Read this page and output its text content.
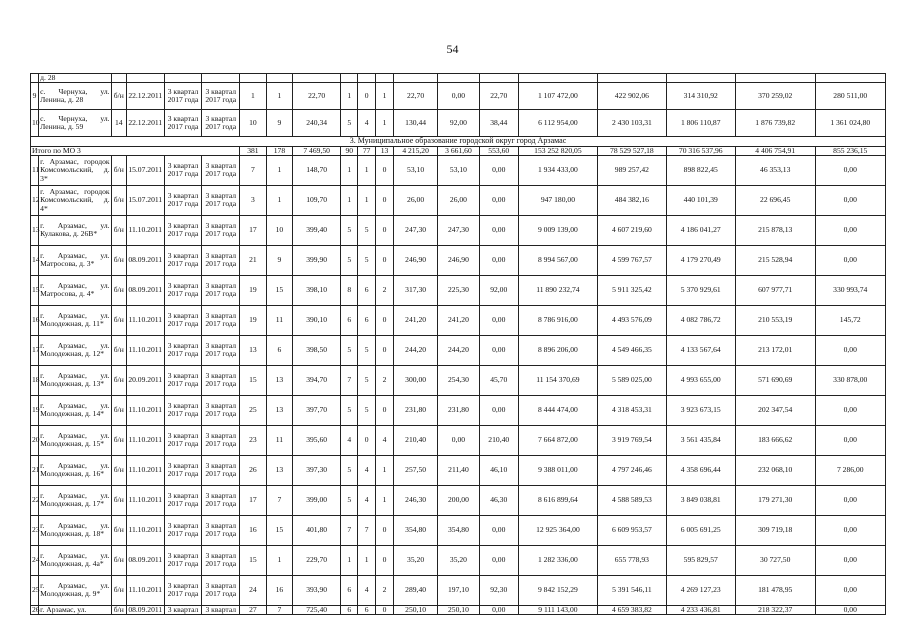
54
	д. 28																		
9	с. Чернуха, ул. Ленина, д. 28	б/н	22.12.2011	3 квартал 2017 года	3 квартал 2017 года	1	1	22,70	1	0	1	22,70	0,00	22,70	1 107 472,00	422 902,06	314 310,92	370 259,02	280 511,00
10	с. Чернуха, ул. Ленина, д. 59	14	22.12.2011	3 квартал 2017 года	3 квартал 2017 года	10	9	240,34	5	4	1	130,44	92,00	38,44	6 112 954,00	2 430 103,31	1 806 110,87	1 876 739,82	1 361 024,80
3. Муниципальное образование городской округ город Арзамас																			
Итого по МО 3						381	178	7 469,50	90	77	13	4 215,20	3 661,60	553,60	153 252 820,05	78 529 527,18	70 316 537,96	4 406 754,91	855 236,15
11	г. Арзамас, городок Комсомольский, д. 3*	б/н	15.07.2011	3 квартал 2017 года	3 квартал 2017 года	7	1	148,70	1	1	0	53,10	53,10	0,00	1 934 433,00	989 257,42	898 822,45	46 353,13	0,00
12	г. Арзамас, городок Комсомольский, д. 4*	б/н	15.07.2011	3 квартал 2017 года	3 квартал 2017 года	3	1	109,70	1	1	0	26,00	26,00	0,00	947 180,00	484 382,16	440 101,39	22 696,45	0,00
13	г. Арзамас, ул. Кулакова, д. 26В*	б/н	11.10.2011	3 квартал 2017 года	3 квартал 2017 года	17	10	399,40	5	5	0	247,30	247,30	0,00	9 009 139,00	4 607 219,60	4 186 041,27	215 878,13	0,00
14	г. Арзамас, ул. Матросова, д. 3*	б/н	08.09.2011	3 квартал 2017 года	3 квартал 2017 года	21	9	399,90	5	5	0	246,90	246,90	0,00	8 994 567,00	4 599 767,57	4 179 270,49	215 528,94	0,00
15	г. Арзамас, ул. Матросова, д. 4*	б/н	08.09.2011	3 квартал 2017 года	3 квартал 2017 года	19	15	398,10	8	6	2	317,30	225,30	92,00	11 890 232,74	5 911 325,42	5 370 929,61	607 977,71	330 993,74
16	г. Арзамас, ул. Молодежная, д. 11*	б/н	11.10.2011	3 квартал 2017 года	3 квартал 2017 года	19	11	390,10	6	6	0	241,20	241,20	0,00	8 786 916,00	4 493 576,09	4 082 786,72	210 553,19	145,72
17	г. Арзамас, ул. Молодежная, д. 12*	б/н	11.10.2011	3 квартал 2017 года	3 квартал 2017 года	13	6	398,50	5	5	0	244,20	244,20	0,00	8 896 206,00	4 549 466,35	4 133 567,64	213 172,01	0,00
18	г. Арзамас, ул. Молодежная, д. 13*	б/н	20.09.2011	3 квартал 2017 года	3 квартал 2017 года	15	13	394,70	7	5	2	300,00	254,30	45,70	11 154 370,69	5 589 025,00	4 993 655,00	571 690,69	330 878,00
19	г. Арзамас, ул. Молодежная, д. 14*	б/н	11.10.2011	3 квартал 2017 года	3 квартал 2017 года	25	13	397,70	5	5	0	231,80	231,80	0,00	8 444 474,00	4 318 453,31	3 923 673,15	202 347,54	0,00
20	г. Арзамас, ул. Молодежная, д. 15*	б/н	11.10.2011	3 квартал 2017 года	3 квартал 2017 года	23	11	395,60	4	0	4	210,40	0,00	210,40	7 664 872,00	3 919 769,54	3 561 435,84	183 666,62	0,00
21	г. Арзамас, ул. Молодежная, д. 16*	б/н	11.10.2011	3 квартал 2017 года	3 квартал 2017 года	26	13	397,30	5	4	1	257,50	211,40	46,10	9 388 011,00	4 797 246,46	4 358 696,44	232 068,10	7 286,00
22	г. Арзамас, ул. Молодежная, д. 17*	б/н	11.10.2011	3 квартал 2017 года	3 квартал 2017 года	17	7	399,00	5	4	1	246,30	200,00	46,30	8 616 899,64	4 588 589,53	3 849 038,81	179 271,30	0,00
23	г. Арзамас, ул. Молодежная, д. 18*	б/н	11.10.2011	3 квартал 2017 года	3 квартал 2017 года	16	15	401,80	7	7	0	354,80	354,80	0,00	12 925 364,00	6 609 953,57	6 005 691,25	309 719,18	0,00
24	г. Арзамас, ул. Молодежная, д. 4а*	б/н	08.09.2011	3 квартал 2017 года	3 квартал 2017 года	15	1	229,70	1	1	0	35,20	35,20	0,00	1 282 336,00	655 778,93	595 829,57	30 727,50	0,00
25	г. Арзамас, ул. Молодежная, д. 9*	б/н	11.10.2011	3 квартал 2017 года	3 квартал 2017 года	24	16	393,90	6	4	2	289,40	197,10	92,30	9 842 152,29	5 391 546,11	4 269 127,23	181 478,95	0,00
26	г. Арзамас, ул.	б/н	08.09.2011	3 квартал	3 квартал	27	7	725,40	6	6	0	250,10	250,10	0,00	9 111 143,00	4 659 383,82	4 233 436,81	218 322,37	0,00
